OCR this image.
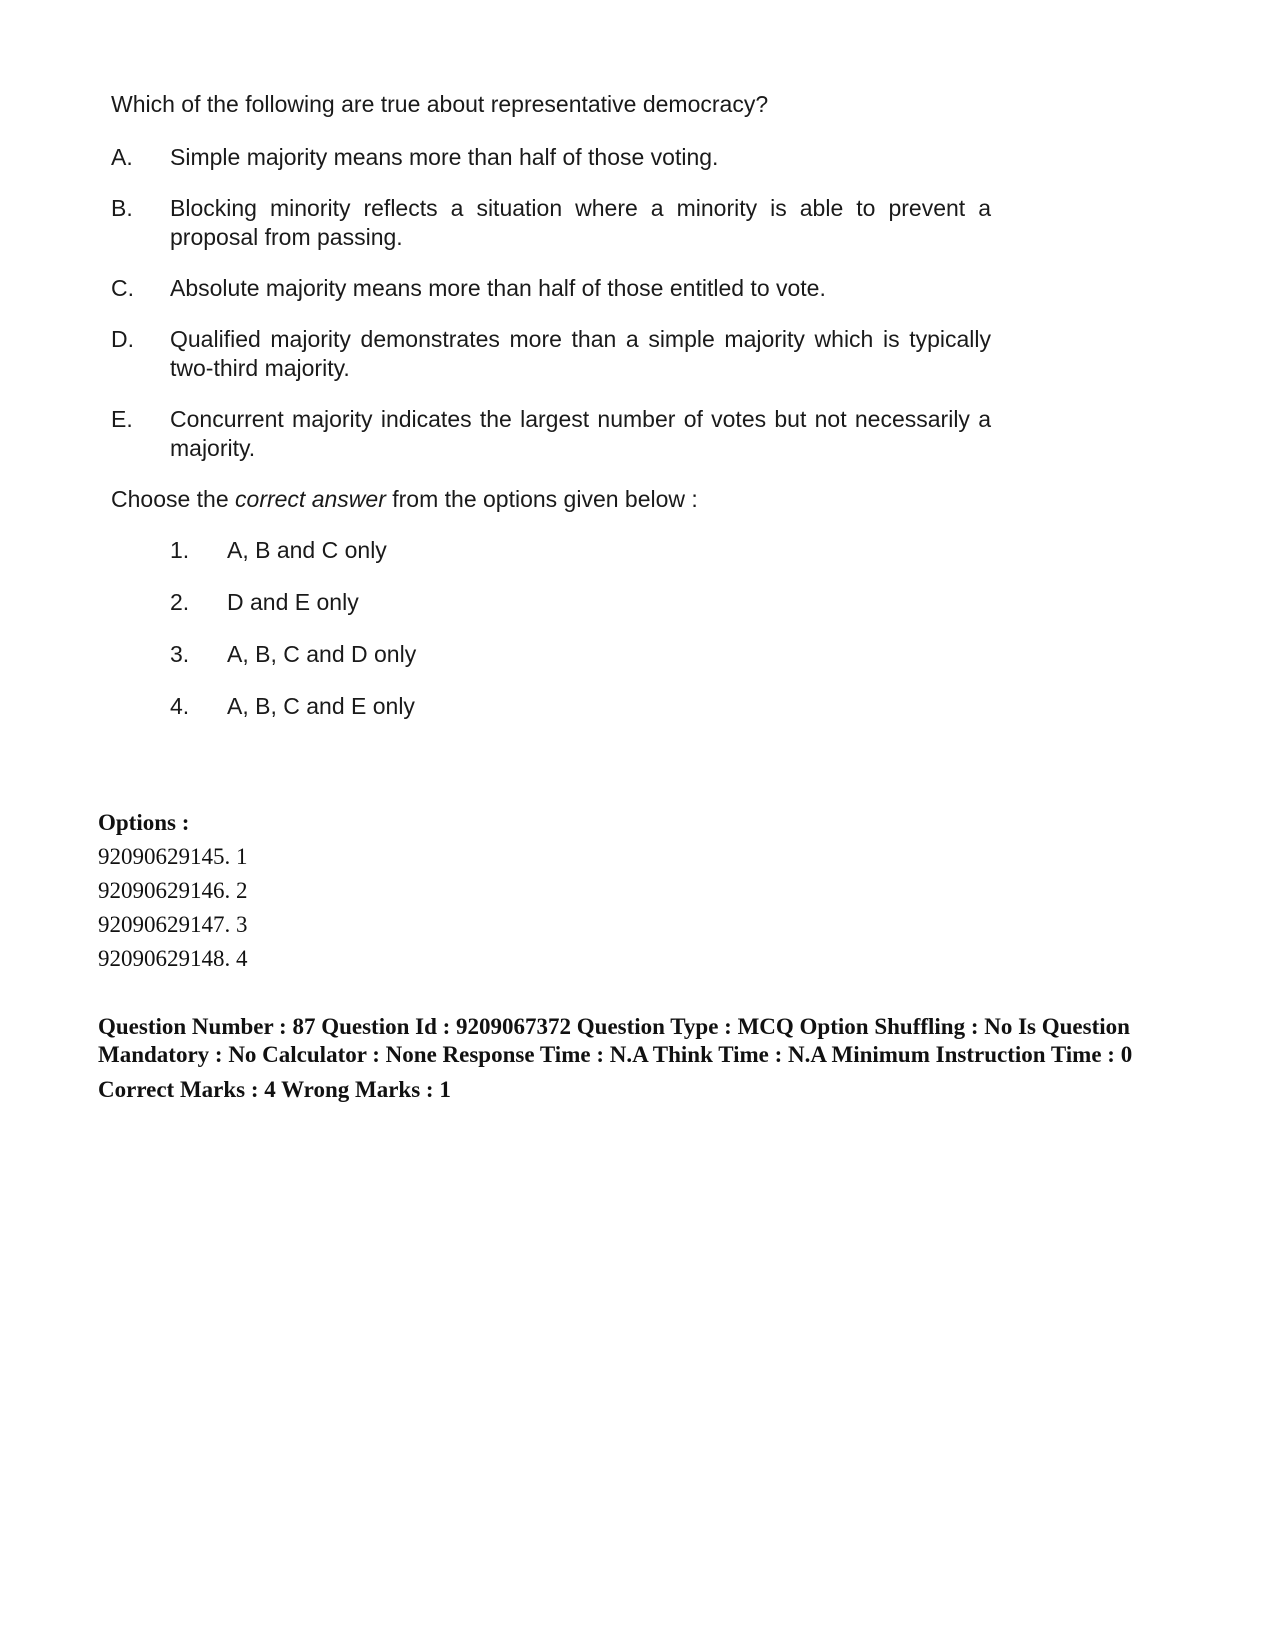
Which of the following are true about representative democracy?
A.	Simple majority means more than half of those voting.
B.	Blocking minority reflects a situation where a minority is able to prevent a proposal from passing.
C.	Absolute majority means more than half of those entitled to vote.
D.	Qualified majority demonstrates more than a simple majority which is typically two-third majority.
E.	Concurrent majority indicates the largest number of votes but not necessarily a majority.
Choose the correct answer from the options given below :
1.	A, B and C only
2.	D and E only
3.	A, B, C and D only
4.	A, B, C and E only
Options :
92090629145. 1
92090629146. 2
92090629147. 3
92090629148. 4
Question Number : 87 Question Id : 9209067372 Question Type : MCQ Option Shuffling : No Is Question Mandatory : No Calculator : None Response Time : N.A Think Time : N.A Minimum Instruction Time : 0
Correct Marks : 4 Wrong Marks : 1
